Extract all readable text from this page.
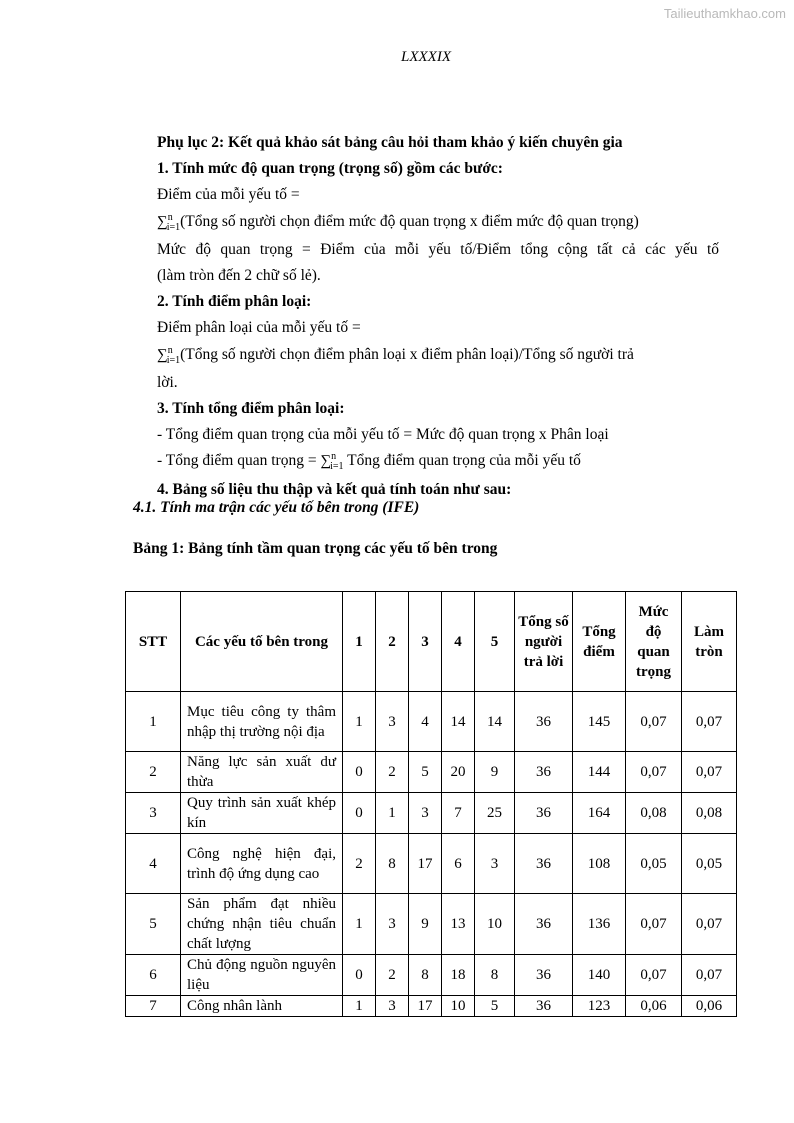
Tailieuthamkhao.com
LXXXIX

Phụ lục 2: Kết quả khảo sát bảng câu hỏi tham khảo ý kiến chuyên gia

1. Tính mức độ quan trọng (trọng số) gồm các bước:

Điểm của mỗi yếu tố =

∑ni=1(Tổng số người chọn điểm mức độ quan trọng x điểm mức độ quan trọng)

Mức độ quan trọng = Điểm của mỗi yếu tố/Điểm tổng cộng tất cả các yếu tố

(làm tròn đến 2 chữ số lẻ).

2. Tính điểm phân loại:

Điểm phân loại của mỗi yếu tố =

∑ni=1(Tổng số người chọn điểm phân loại x điểm phân loại)/Tổng số người trả

lời.

3. Tính tổng điểm phân loại:

- Tổng điểm quan trọng của mỗi yếu tố = Mức độ quan trọng x Phân loại

- Tổng điểm quan trọng = ∑ni=1 Tổng điểm quan trọng của mỗi yếu tố

4. Bảng số liệu thu thập và kết quả tính toán như sau:

4.1. Tính ma trận các yếu tố bên trong (IFE)
Bảng 1: Bảng tính tầm quan trọng các yếu tố bên trong
STT	Các yếu tố bên trong	1	2	3	4	5	Tổng số người trả lời	Tổng điểm	Mức độ quan trọng	Làm tròn
1	Mục tiêu công ty thâm nhập thị trường nội địa	1	3	4	14	14	36	145	0,07	0,07
2	Năng lực sản xuất dư thừa	0	2	5	20	9	36	144	0,07	0,07
3	Quy trình sản xuất khép kín	0	1	3	7	25	36	164	0,08	0,08
4	Công nghệ hiện đại, trình độ ứng dụng cao	2	8	17	6	3	36	108	0,05	0,05
5	Sản phẩm đạt nhiều chứng nhận tiêu chuẩn chất lượng	1	3	9	13	10	36	136	0,07	0,07
6	Chủ động nguồn nguyên liệu	0	2	8	18	8	36	140	0,07	0,07
7	Công nhân lành	1	3	17	10	5	36	123	0,06	0,06
